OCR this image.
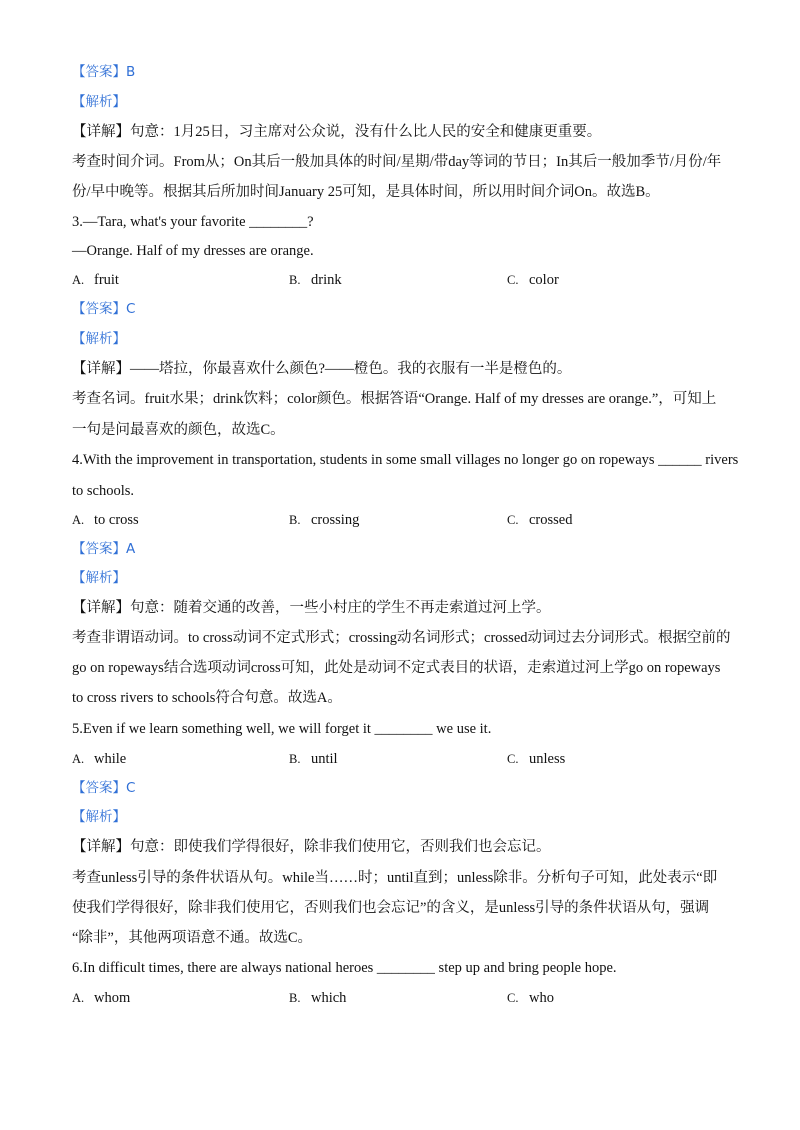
【答案】B
【解析】
【详解】句意：1月25日，习主席对公众说，没有什么比人民的安全和健康更重要。
考查时间介词。From从；On其后一般加具体的时间/星期/带day等词的节日；In其后一般加季节/月份/年
份/早中晚等。根据其后所加时间January 25可知，是具体时间，所以用时间介词On。故选B。
3.—Tara, what's your favorite ________?
—Orange. Half of my dresses are orange.
【答案】C
【解析】
【详解】——塔拉，你最喜欢什么颜色?——橙色。我的衣服有一半是橙色的。
考查名词。fruit水果；drink饮料；color颜色。根据答语“Orange. Half of my dresses are orange.”，可知上
一句是问最喜欢的颜色，故选C。
4.With the improvement in transportation, students in some small villages no longer go on ropeways ______ rivers
to schools.
【答案】A
【解析】
【详解】句意：随着交通的改善，一些小村庄的学生不再走索道过河上学。
考查非谓语动词。to cross动词不定式形式；crossing动名词形式；crossed动词过去分词形式。根据空前的
go on ropeways结合选项动词cross可知，此处是动词不定式表目的状语，走索道过河上学go on ropeways
to cross rivers to schools符合句意。故选A。
5.Even if we learn something well, we will forget it ________ we use it.
【答案】C
【解析】
【详解】句意：即使我们学得很好，除非我们使用它，否则我们也会忘记。
考查unless引导的条件状语从句。while当……时；until直到；unless除非。分析句子可知，此处表示“即
使我们学得很好，除非我们使用它，否则我们也会忘记”的含义，是unless引导的条件状语从句，强调
“除非”，其他两项语意不通。故选C。
6.In difficult times, there are always national heroes ________ step up and bring people hope.
A. fruit	B. drink	C. color
A. to cross	B. crossing	C. crossed
A. while	B. until	C. unless
A. whom	B. which	C. who
